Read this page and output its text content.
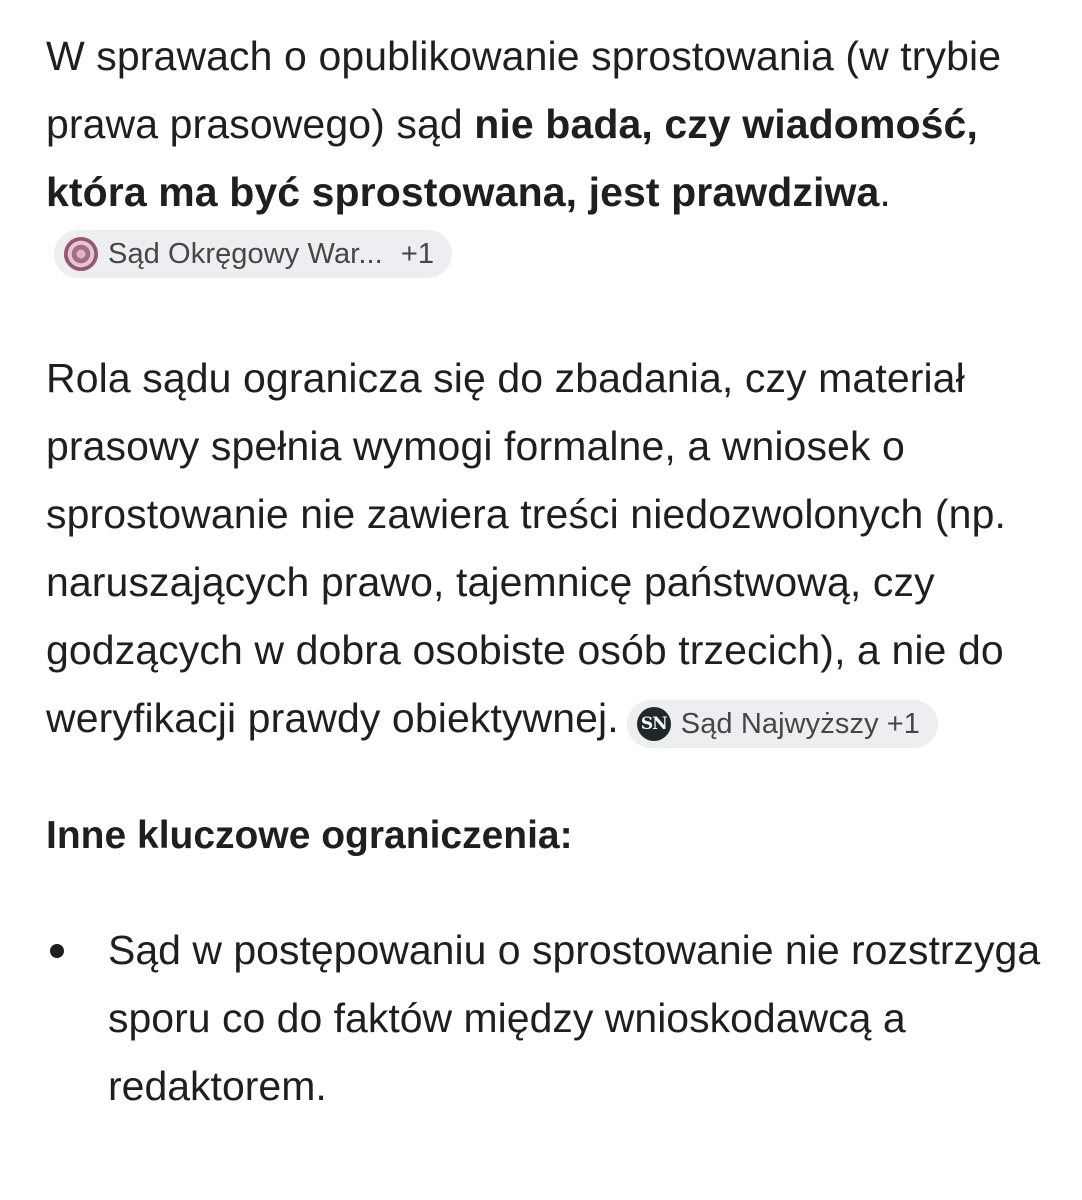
W sprawach o opublikowanie sprostowania (w trybie prawa prasowego) sąd nie bada, czy wiadomość, która ma być sprostowana, jest prawdziwa.
Sąd Okręgowy War... +1

Rola sądu ogranicza się do zbadania, czy materiał prasowy spełnia wymogi formalne, a wniosek o sprostowanie nie zawiera treści niedozwolonych (np. naruszających prawo, tajemnicę państwową, czy godzących w dobra osobiste osób trzecich), a nie do weryfikacji prawdy obiektywnej. SN Sąd Najwyższy +1

Inne kluczowe ograniczenia:
Sąd w postępowaniu o sprostowanie nie rozstrzyga sporu co do faktów między wnioskodawcą a redaktorem.
